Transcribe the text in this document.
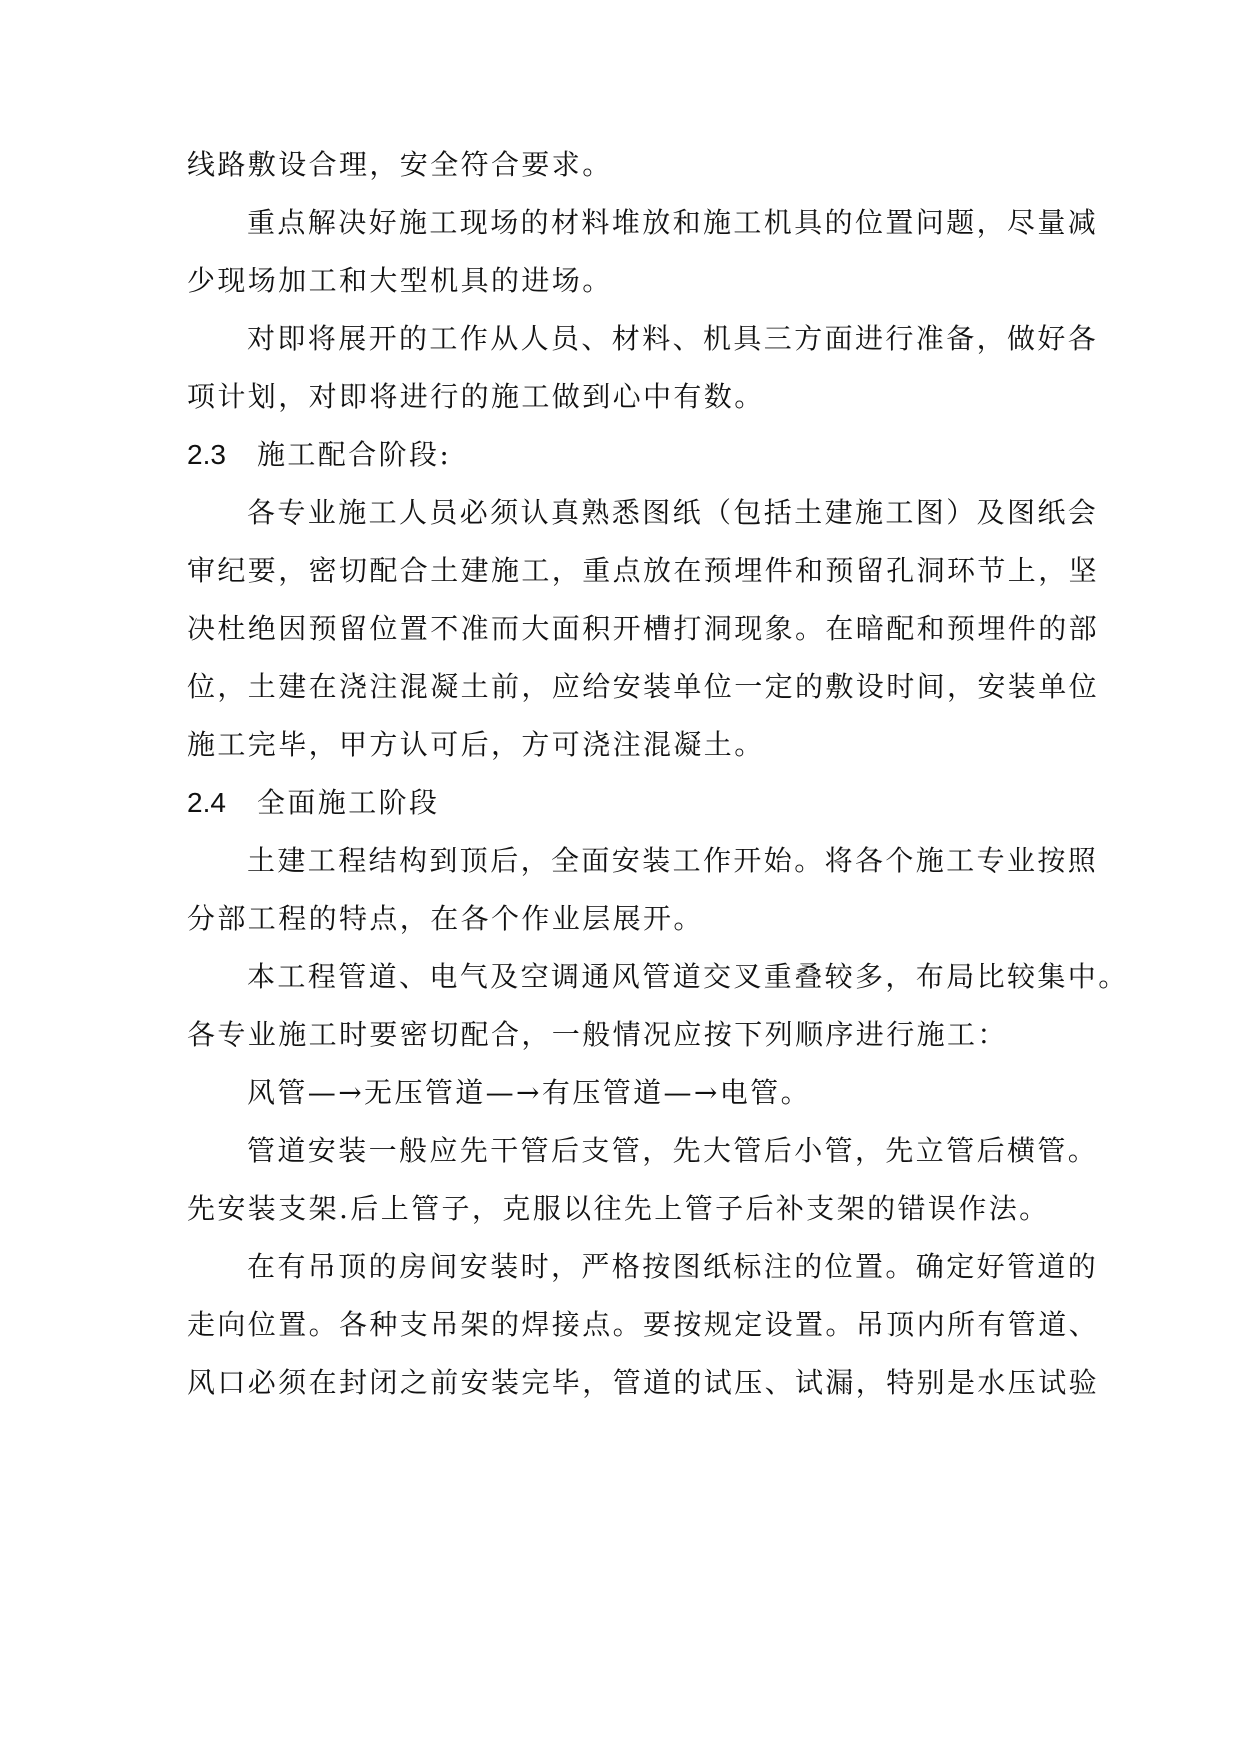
线路敷设合理，安全符合要求。
重点解决好施工现场的材料堆放和施工机具的位置问题，尽量减
少现场加工和大型机具的进场。
对即将展开的工作从人员、材料、机具三方面进行准备，做好各
项计划，对即将进行的施工做到心中有数。
2.3 施工配合阶段:
各专业施工人员必须认真熟悉图纸（包括土建施工图）及图纸会
审纪要，密切配合土建施工，重点放在预埋件和预留孔洞环节上，坚
决杜绝因预留位置不准而大面积开槽打洞现象。在暗配和预埋件的部
位，土建在浇注混凝土前，应给安装单位一定的敷设时间，安装单位
施工完毕，甲方认可后，方可浇注混凝土。
2.4 全面施工阶段
土建工程结构到顶后，全面安装工作开始。将各个施工专业按照
分部工程的特点，在各个作业层展开。
本工程管道、电气及空调通风管道交叉重叠较多，布局比较集中。
各专业施工时要密切配合，一般情况应按下列顺序进行施工：
风管—→无压管道—→有压管道—→电管。
管道安装一般应先干管后支管，先大管后小管，先立管后横管。
先安装支架.后上管子，克服以往先上管子后补支架的错误作法。
在有吊顶的房间安装时，严格按图纸标注的位置。确定好管道的
走向位置。各种支吊架的焊接点。要按规定设置。吊顶内所有管道、
风口必须在封闭之前安装完毕，管道的试压、试漏，特别是水压试验
